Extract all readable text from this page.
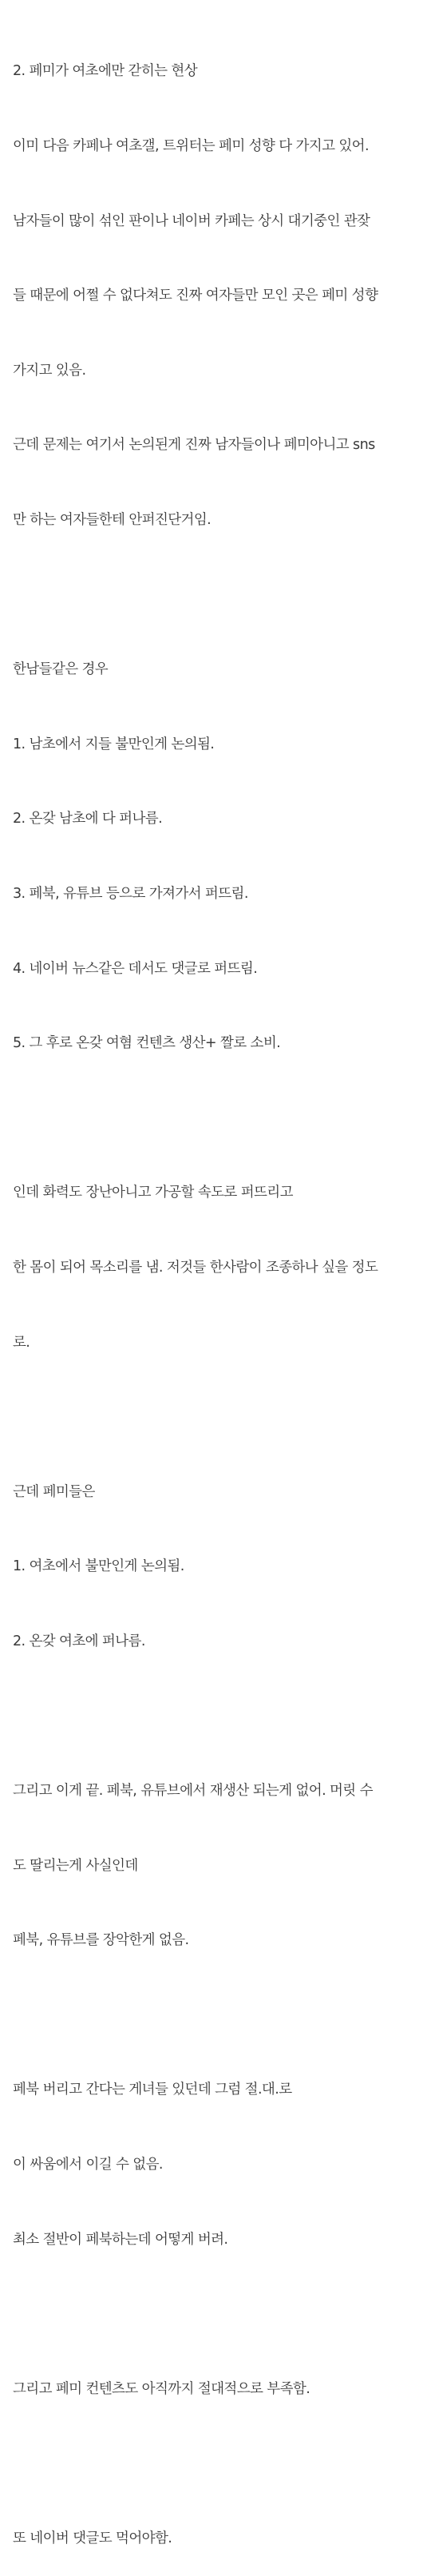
2. 페미가 여초에만 갇히는 현상

이미 다음 카페나 여초갤, 트위터는 페미 성향 다 가지고 있어.

남자들이 많이 섞인 판이나 네이버 카페는 상시 대기중인 관잦

들 때문에 어쩔 수 없다쳐도 진짜 여자들만 모인 곳은 페미 성향

가지고 있음.

근데 문제는 여기서 논의된게 진짜 남자들이나 페미아니고 sns

만 하는 여자들한테 안퍼진단거임.

한남들같은 경우

1. 남초에서 지들 불만인게 논의됨.

2. 온갖 남초에 다 퍼나름.

3. 페북, 유튜브 등으로 가져가서 퍼뜨림.

4. 네이버 뉴스같은 데서도 댓글로 퍼뜨림.

5. 그 후로 온갖 여혐 컨텐츠 생산+ 짤로 소비.

인데 화력도 장난아니고 가공할 속도로 퍼뜨리고

한 몸이 되어 목소리를 냄. 저것들 한사람이 조종하나 싶을 정도

로.

근데 페미들은

1. 여초에서 불만인게 논의됨.

2. 온갖 여초에 퍼나름.

그리고 이게 끝. 페북, 유튜브에서 재생산 되는게 없어. 머릿 수

도 딸리는게 사실인데

페북, 유튜브를 장악한게 없음.

페북 버리고 간다는 게녀들 있던데 그럼 절.대.로

이 싸움에서 이길 수 없음.

최소 절반이 페북하는데 어떻게 버려.

그리고 페미 컨텐츠도 아직까지 절대적으로 부족함.

또 네이버 댓글도 먹어야함.
